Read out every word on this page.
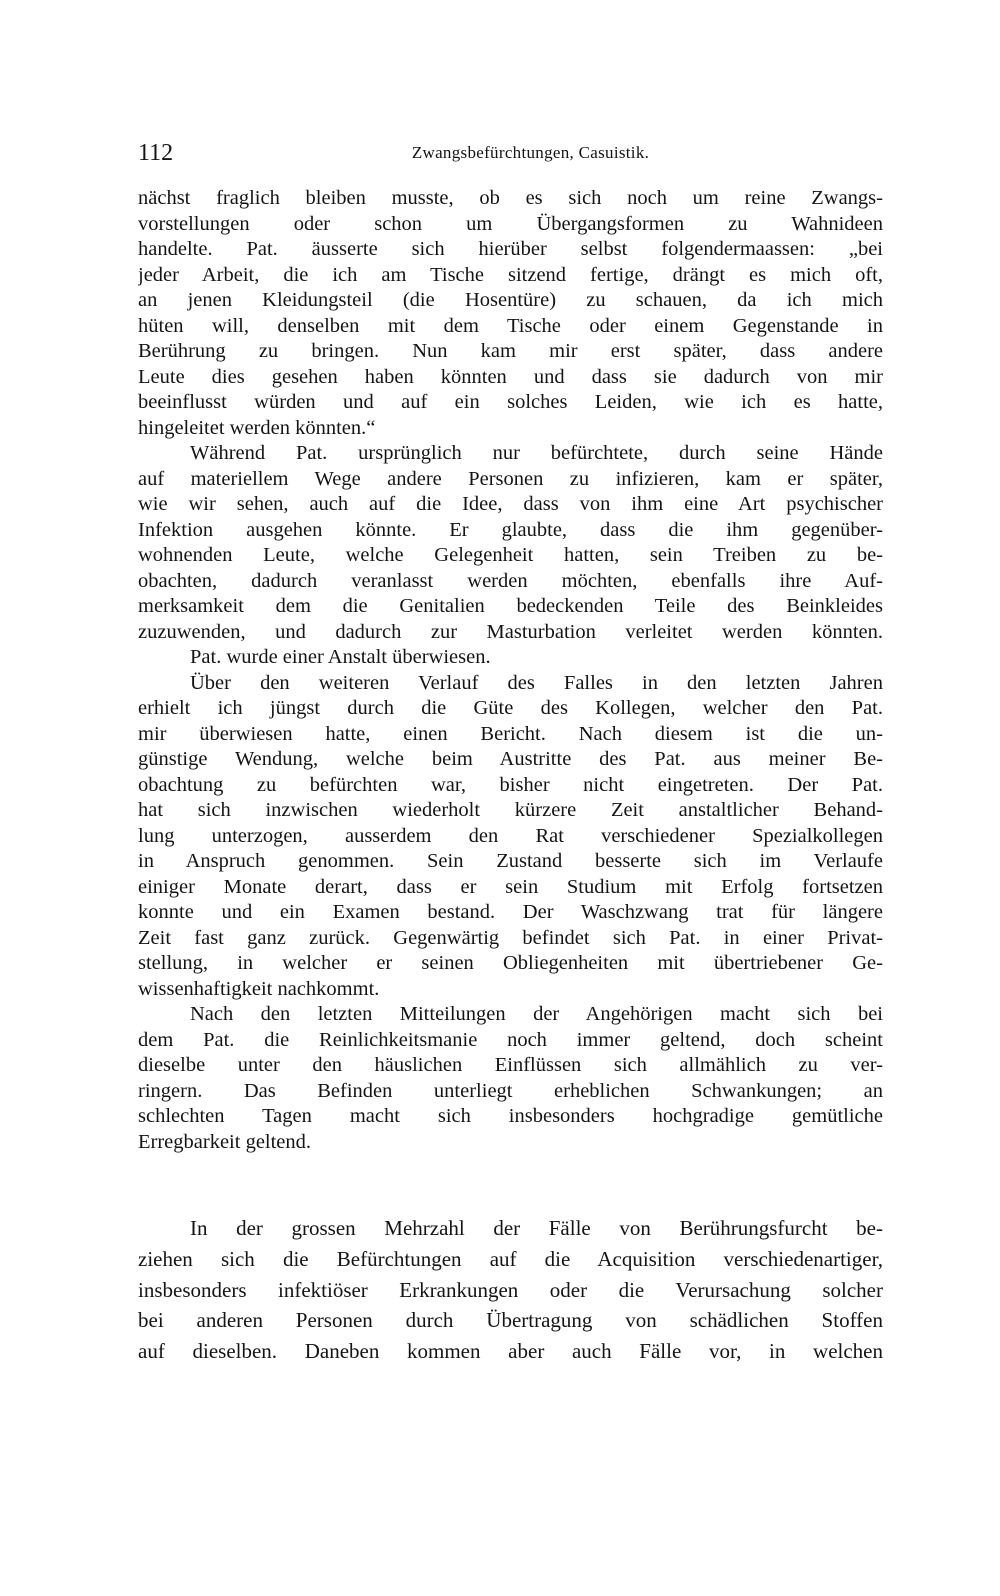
112	Zwangsbefürchtungen, Casuistik.
nächst fraglich bleiben musste, ob es sich noch um reine Zwangs-
vorstellungen oder schon um Übergangsformen zu Wahnideen
handelte. Pat. äusserte sich hierüber selbst folgendermaassen: „bei
jeder Arbeit, die ich am Tische sitzend fertige, drängt es mich oft,
an jenen Kleidungsteil (die Hosentüre) zu schauen, da ich mich
hüten will, denselben mit dem Tische oder einem Gegenstande in
Berührung zu bringen. Nun kam mir erst später, dass andere
Leute dies gesehen haben könnten und dass sie dadurch von mir
beeinflusst würden und auf ein solches Leiden, wie ich es hatte,
hingeleitet werden könnten.“
Während Pat. ursprünglich nur befürchtete, durch seine Hände
auf materiellem Wege andere Personen zu infizieren, kam er später,
wie wir sehen, auch auf die Idee, dass von ihm eine Art psychischer
Infektion ausgehen könnte. Er glaubte, dass die ihm gegenüber-
wohnenden Leute, welche Gelegenheit hatten, sein Treiben zu be-
obachten, dadurch veranlasst werden möchten, ebenfalls ihre Auf-
merksamkeit dem die Genitalien bedeckenden Teile des Beinkleides
zuzuwenden, und dadurch zur Masturbation verleitet werden könnten.
Pat. wurde einer Anstalt überwiesen.
Über den weiteren Verlauf des Falles in den letzten Jahren
erhielt ich jüngst durch die Güte des Kollegen, welcher den Pat.
mir überwiesen hatte, einen Bericht. Nach diesem ist die un-
günstige Wendung, welche beim Austritte des Pat. aus meiner Be-
obachtung zu befürchten war, bisher nicht eingetreten. Der Pat.
hat sich inzwischen wiederholt kürzere Zeit anstaltlicher Behand-
lung unterzogen, ausserdem den Rat verschiedener Spezialkollegen
in Anspruch genommen. Sein Zustand besserte sich im Verlaufe
einiger Monate derart, dass er sein Studium mit Erfolg fortsetzen
konnte und ein Examen bestand. Der Waschzwang trat für längere
Zeit fast ganz zurück. Gegenwärtig befindet sich Pat. in einer Privat-
stellung, in welcher er seinen Obliegenheiten mit übertriebener Ge-
wissenhaftigkeit nachkommt.
Nach den letzten Mitteilungen der Angehörigen macht sich bei
dem Pat. die Reinlichkeitsmanie noch immer geltend, doch scheint
dieselbe unter den häuslichen Einflüssen sich allmählich zu ver-
ringern. Das Befinden unterliegt erheblichen Schwankungen; an
schlechten Tagen macht sich insbesonders hochgradige gemütliche
Erregbarkeit geltend.
In der grossen Mehrzahl der Fälle von Berührungsfurcht be-
ziehen sich die Befürchtungen auf die Acquisition verschiedenartiger,
insbesonders infektiöser Erkrankungen oder die Verursachung solcher
bei anderen Personen durch Übertragung von schädlichen Stoffen
auf dieselben. Daneben kommen aber auch Fälle vor, in welchen
